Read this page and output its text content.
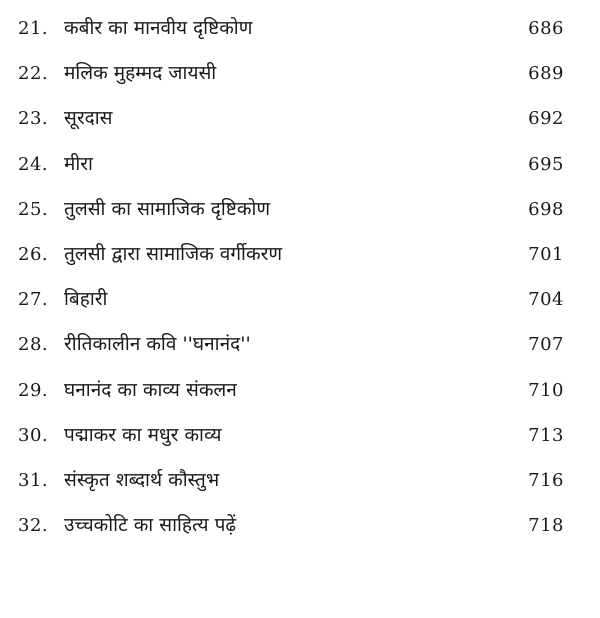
21. कबीर का मानवीय दृष्टिकोण	686
22. मलिक मुहम्मद जायसी	689
23. सूरदास	692
24. मीरा	695
25. तुलसी का सामाजिक दृष्टिकोण	698
26. तुलसी द्वारा सामाजिक वर्गीकरण	701
27. बिहारी	704
28. रीतिकालीन कवि ''घनानंद''	707
29. घनानंद का काव्य संकलन	710
30. पद्माकर का मधुर काव्य	713
31. संस्कृत शब्दार्थ कौस्तुभ	716
32. उच्चकोटि का साहित्य पढ़ें	718
